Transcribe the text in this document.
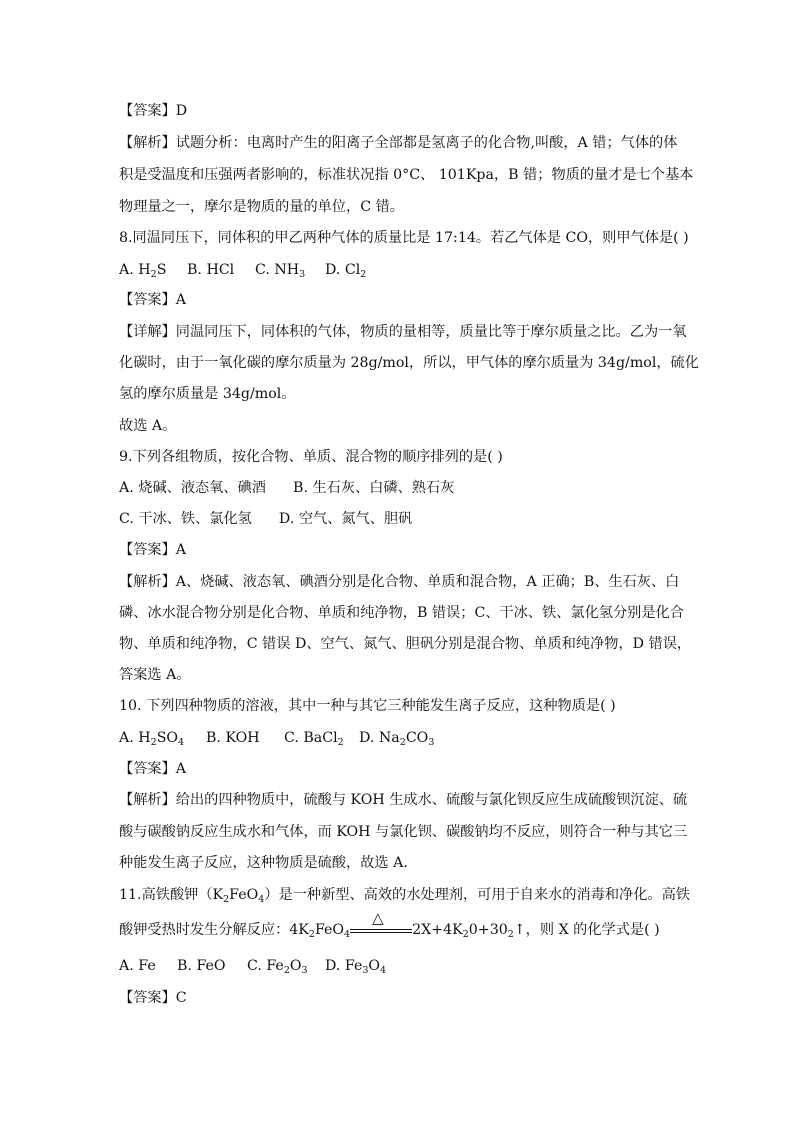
【答案】D
【解析】试题分析：电离时产生的阳离子全部都是氢离子的化合物,叫酸，A 错；气体的体
积是受温度和压强两者影响的，标准状况指 0°C、 101Kpa，B 错；物质的量才是七个基本
物理量之一，摩尔是物质的量的单位，C 错。
8.同温同压下，同体积的甲乙两种气体的质量比是 17:14。若乙气体是 CO，则甲气体是( )
A. $H_2S$ B. HCl C. $NH_3$ D. $Cl_2$
【答案】A
【详解】同温同压下，同体积的气体，物质的量相等，质量比等于摩尔质量之比。乙为一氧
化碳时，由于一氧化碳的摩尔质量为 28g/mol，所以，甲气体的摩尔质量为 34g/mol，硫化
氢的摩尔质量是 34g/mol。
故选 A。
9.下列各组物质，按化合物、单质、混合物的顺序排列的是( )
A. 烧碱、液态氧、碘酒      B. 生石灰、白磷、熟石灰
C. 干冰、铁、氯化氢      D. 空气、氮气、胆矾
【答案】A
【解析】A、烧碱、液态氧、碘酒分别是化合物、单质和混合物，A 正确；B、生石灰、白
磷、冰水混合物分别是化合物、单质和纯净物，B 错误；C、干冰、铁、氯化氢分别是化合
物、单质和纯净物，C 错误 D、空气、氮气、胆矾分别是混合物、单质和纯净物，D 错误，
答案选 A。
10. 下列四种物质的溶液，其中一种与其它三种能发生离子反应，这种物质是( )
A. $H_2SO_4$ B. KOH C. BaCl$_2$ D. $Na_2CO_3$
【答案】A
【解析】给出的四种物质中，硫酸与 KOH 生成水、硫酸与氯化钡反应生成硫酸钡沉淀、硫
酸与碳酸钠反应生成水和气体，而 KOH 与氯化钡、碳酸钠均不反应，则符合一种与其它三
种能发生离子反应，这种物质是硫酸，故选 A．
11.高铁酸钾$(K_2FeO_4)$是一种新型、高效的水处理剂，可用于自来水的消毒和净化。高铁
酸钾受热时发生分解反应：$4K_2FeO_4$
△
$2X+4K_20+30_2↑$，则 X 的化学式是( )
A. Fe B. FeO C. $Fe_2O_3$ D. $Fe_3O_4$
【答案】C
